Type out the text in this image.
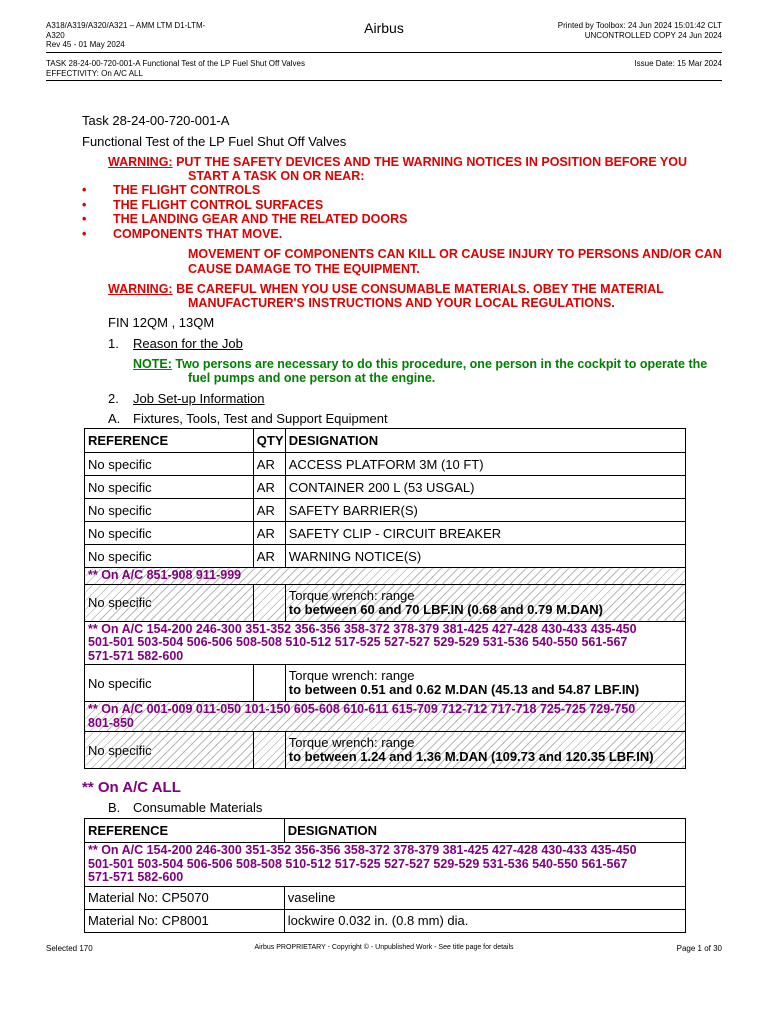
A318/A319/A320/A321 – AMM LTM D1-LTM-
A320
Rev 45 - 01 May 2024
Airbus	Printed by Toolbox: 24 Jun 2024 15:01:42 CLT
UNCONTROLLED COPY 24 Jun 2024
TASK 28-24-00-720-001-A Functional Test of the LP Fuel Shut Off Valves
EFFECTIVITY: On A/C ALL
Issue Date: 15 Mar 2024
Task 28-24-00-720-001-A
Functional Test of the LP Fuel Shut Off Valves
WARNING: PUT THE SAFETY DEVICES AND THE WARNING NOTICES IN POSITION BEFORE YOU
START A TASK ON OR NEAR:
• THE FLIGHT CONTROLS
• THE FLIGHT CONTROL SURFACES
• THE LANDING GEAR AND THE RELATED DOORS
• COMPONENTS THAT MOVE.
MOVEMENT OF COMPONENTS CAN KILL OR CAUSE INJURY TO PERSONS AND/OR CAN
CAUSE DAMAGE TO THE EQUIPMENT.
WARNING: BE CAREFUL WHEN YOU USE CONSUMABLE MATERIALS. OBEY THE MATERIAL
MANUFACTURER'S INSTRUCTIONS AND YOUR LOCAL REGULATIONS.
FIN 12QM , 13QM
1. Reason for the Job
NOTE: Two persons are necessary to do this procedure, one person in the cockpit to operate the
fuel pumps and one person at the engine.
2. Job Set-up Information
A. Fixtures, Tools, Test and Support Equipment
REFERENCE	QTY	DESIGNATION
No specific	AR	ACCESS PLATFORM 3M (10 FT)
No specific	AR	CONTAINER 200 L (53 USGAL)
No specific	AR	SAFETY BARRIER(S)
No specific	AR	SAFETY CLIP - CIRCUIT BREAKER
No specific	AR	WARNING NOTICE(S)
** On A/C 851-908 911-999		
No specific		Torque wrench: range
to between 60 and 70 LBF.IN (0.68 and 0.79 M.DAN)

** On A/C 154-200 246-300 351-352 356-356 358-372 378-379 381-425 427-428 430-433 435-450
501-501 503-504 506-506 508-508 510-512 517-525 527-527 529-529 531-536 540-550 561-567
571-571 582-600		

No specific		Torque wrench: range
to between 0.51 and 0.62 M.DAN (45.13 and 54.87 LBF.IN)

** On A/C 001-009 011-050 101-150 605-608 610-611 615-709 712-712 717-718 725-725 729-750
801-850		

No specific		Torque wrench: range
to between 1.24 and 1.36 M.DAN (109.73 and 120.35 LBF.IN)
** On A/C ALL
B. Consumable Materials
REFERENCE	DESIGNATION

** On A/C 154-200 246-300 351-352 356-356 358-372 378-379 381-425 427-428 430-433 435-450
501-501 503-504 506-506 508-508 510-512 517-525 527-527 529-529 531-536 540-550 561-567
571-571 582-600	

Material No: CP5070	vaseline
Material No: CP8001	lockwire 0.032 in. (0.8 mm) dia.
Selected 170	Airbus PROPRIETARY - Copyright © - Unpublished Work - See title page for details	Page 1 of 30
